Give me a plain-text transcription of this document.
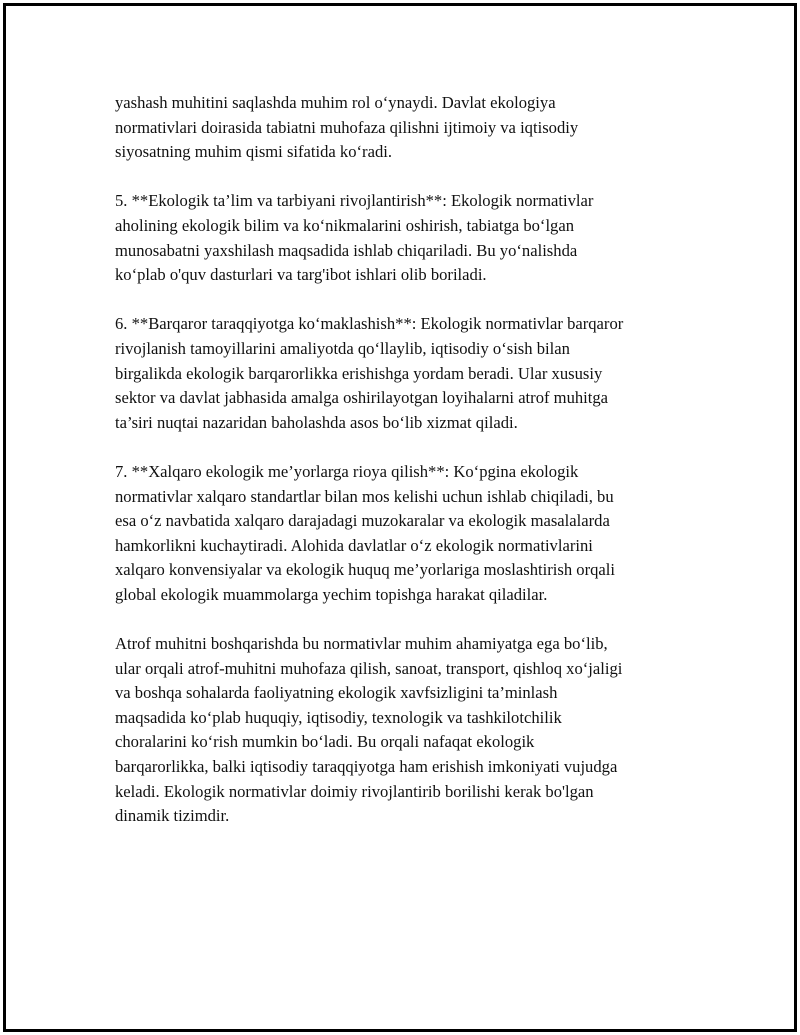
yashash muhitini saqlashda muhim rol o‘ynaydi. Davlat ekologiya
normativlari doirasida tabiatni muhofaza qilishni ijtimoiy va iqtisodiy
siyosatning muhim qismi sifatida ko‘radi.

5. **Ekologik ta’lim va tarbiyani rivojlantirish**: Ekologik normativlar
aholining ekologik bilim va ko‘nikmalarini oshirish, tabiatga bo‘lgan
munosabatni yaxshilash maqsadida ishlab chiqariladi. Bu yo‘nalishda
ko‘plab o'quv dasturlari va targ'ibot ishlari olib boriladi.

6. **Barqaror taraqqiyotga ko‘maklashish**: Ekologik normativlar barqaror
rivojlanish tamoyillarini amaliyotda qo‘llaylib, iqtisodiy o‘sish bilan
birgalikda ekologik barqarorlikka erishishga yordam beradi. Ular xususiy
sektor va davlat jabhasida amalga oshirilayotgan loyihalarni atrof muhitga
ta’siri nuqtai nazaridan baholashda asos bo‘lib xizmat qiladi.

7. **Xalqaro ekologik me’yorlarga rioya qilish**: Ko‘pgina ekologik
normativlar xalqaro standartlar bilan mos kelishi uchun ishlab chiqiladi, bu
esa o‘z navbatida xalqaro darajadagi muzokaralar va ekologik masalalarda
hamkorlikni kuchaytiradi. Alohida davlatlar o‘z ekologik normativlarini
xalqaro konvensiyalar va ekologik huquq me’yorlariga moslashtirish orqali
global ekologik muammolarga yechim topishga harakat qiladilar.

Atrof muhitni boshqarishda bu normativlar muhim ahamiyatga ega bo‘lib,
ular orqali atrof-muhitni muhofaza qilish, sanoat, transport, qishloq xo‘jaligi
va boshqa sohalarda faoliyatning ekologik xavfsizligini ta’minlash
maqsadida ko‘plab huquqiy, iqtisodiy, texnologik va tashkilotchilik
choralarini ko‘rish mumkin bo‘ladi. Bu orqali nafaqat ekologik
barqarorlikka, balki iqtisodiy taraqqiyotga ham erishish imkoniyati vujudga
keladi. Ekologik normativlar doimiy rivojlantirib borilishi kerak bo'lgan
dinamik tizimdir.
